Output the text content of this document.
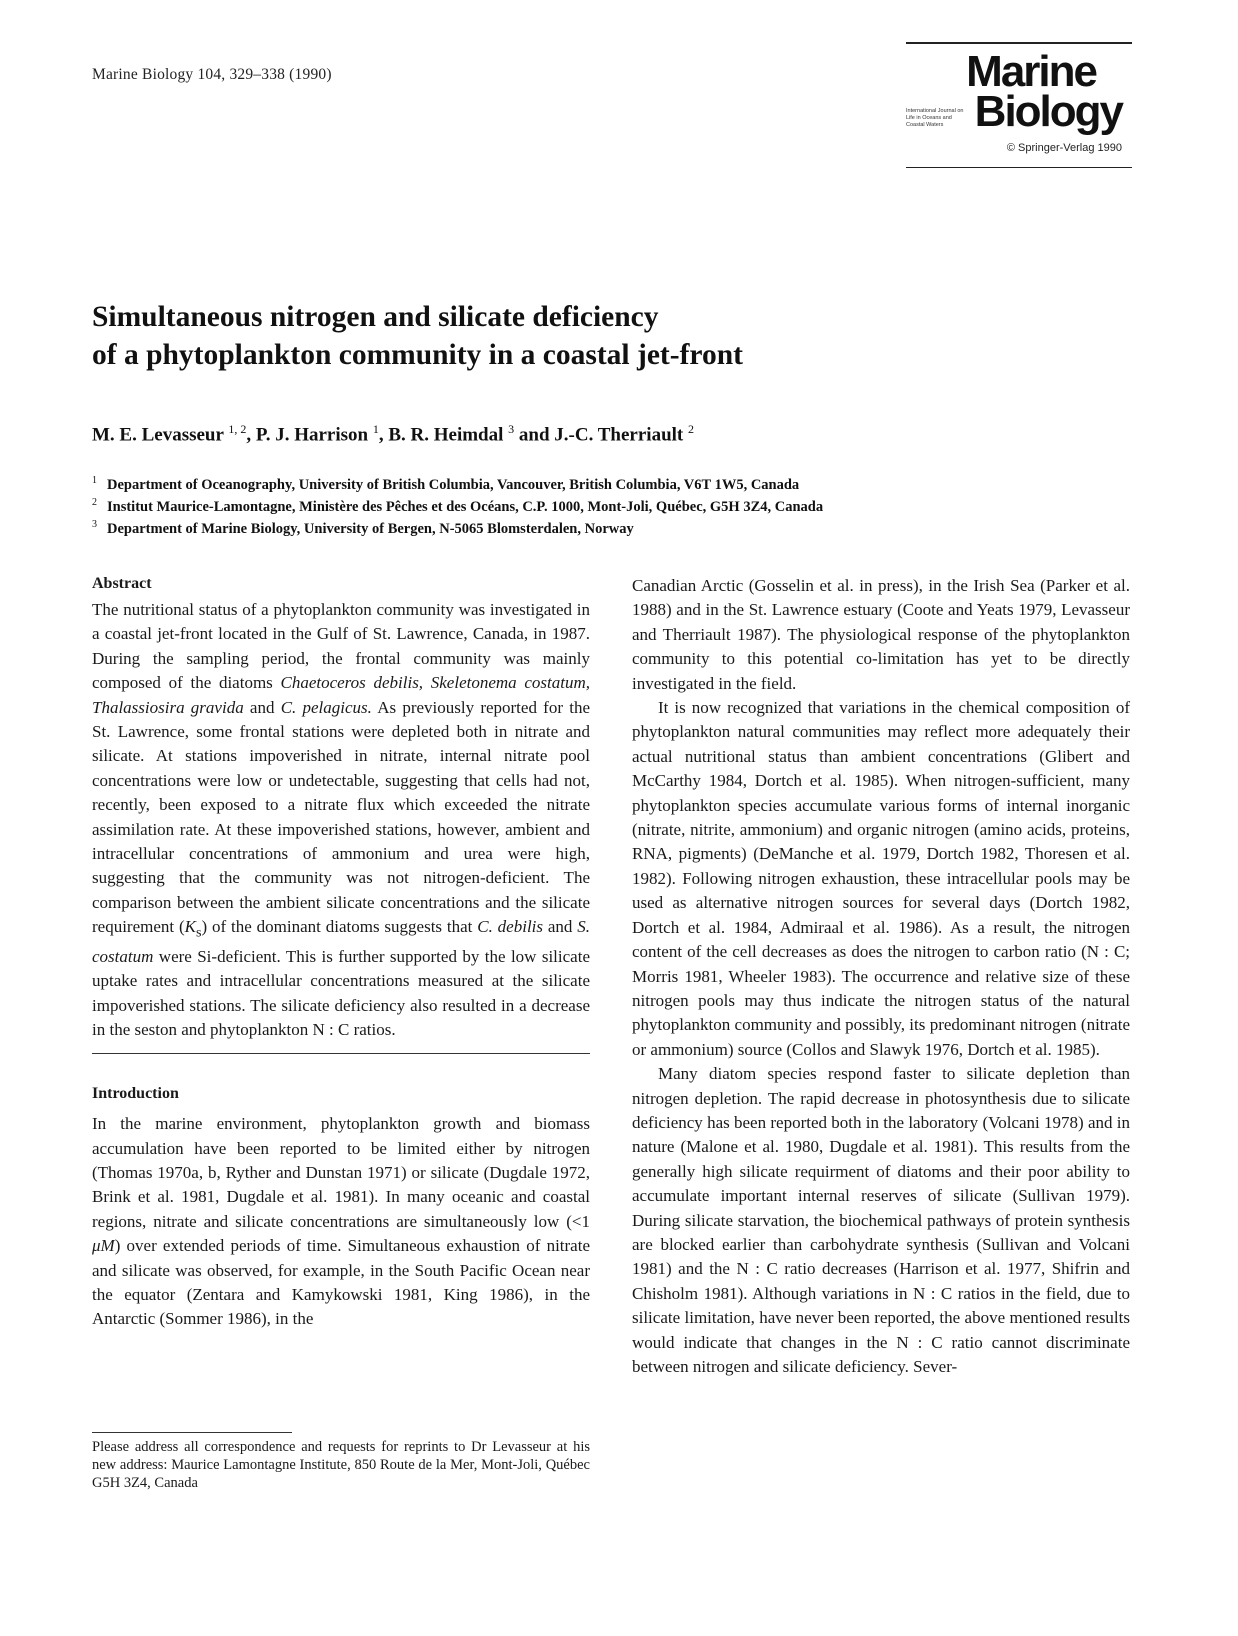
Marine Biology 104, 329–338 (1990)	Marine
International Journal on Life in Oceans and Coastal Waters Biology
© Springer-Verlag 1990
Simultaneous nitrogen and silicate deficiency
of a phytoplankton community in a coastal jet-front
M. E. Levasseur $^{1, 2}$, P. J. Harrison $^1$, B. R. Heimdal $^3$ and J.-C. Therriault $^2$
$^1$ Department of Oceanography, University of British Columbia, Vancouver, British Columbia, V6T 1W5, Canada
$^2$ Institut Maurice-Lamontagne, Ministère des Pêches et des Océans, C.P. 1000, Mont-Joli, Québec, G5H 3Z4, Canada
$^3$ Department of Marine Biology, University of Bergen, N-5065 Blomsterdalen, Norway
Abstract

The nutritional status of a phytoplankton community was investigated in a coastal jet-front located in the Gulf of St. Lawrence, Canada, in 1987. During the sampling period, the frontal community was mainly composed of the diatoms Chaetoceros debilis, Skeletonema costatum, Thalassiosira gravida and C. pelagicus. As previously reported for the St. Lawrence, some frontal stations were depleted both in nitrate and silicate. At stations impoverished in nitrate, internal nitrate pool concentrations were low or undetectable, suggesting that cells had not, recently, been exposed to a nitrate flux which exceeded the nitrate assimilation rate. At these impoverished stations, however, ambient and intracellular concentrations of ammonium and urea were high, suggesting that the community was not nitrogen-deficient. The comparison between the ambient silicate concentrations and the silicate requirement $(K_s)$ of the dominant diatoms suggests that C. debilis and S. costatum were Si-deficient. This is further supported by the low silicate uptake rates and intracellular concentrations measured at the silicate impoverished stations. The silicate deficiency also resulted in a decrease in the seston and phytoplankton N : C ratios.

Introduction

In the marine environment, phytoplankton growth and biomass accumulation have been reported to be limited either by nitrogen (Thomas 1970a, b, Ryther and Dunstan 1971) or silicate (Dugdale 1972, Brink et al. 1981, Dugdale et al. 1981). In many oceanic and coastal regions, nitrate and silicate concentrations are simultaneously low (<1 μM) over extended periods of time. Simultaneous exhaustion of nitrate and silicate was observed, for example, in the South Pacific Ocean near the equator (Zentara and Kamykowski 1981, King 1986), in the Antarctic (Sommer 1986), in the

Canadian Arctic (Gosselin et al. in press), in the Irish Sea (Parker et al. 1988) and in the St. Lawrence estuary (Coote and Yeats 1979, Levasseur and Therriault 1987). The physiological response of the phytoplankton community to this potential co-limitation has yet to be directly investigated in the field.

It is now recognized that variations in the chemical composition of phytoplankton natural communities may reflect more adequately their actual nutritional status than ambient concentrations (Glibert and McCarthy 1984, Dortch et al. 1985). When nitrogen-sufficient, many phytoplankton species accumulate various forms of internal inorganic (nitrate, nitrite, ammonium) and organic nitrogen (amino acids, proteins, RNA, pigments) (DeManche et al. 1979, Dortch 1982, Thoresen et al. 1982). Following nitrogen exhaustion, these intracellular pools may be used as alternative nitrogen sources for several days (Dortch 1982, Dortch et al. 1984, Admiraal et al. 1986). As a result, the nitrogen content of the cell decreases as does the nitrogen to carbon ratio (N : C; Morris 1981, Wheeler 1983). The occurrence and relative size of these nitrogen pools may thus indicate the nitrogen status of the natural phytoplankton community and possibly, its predominant nitrogen (nitrate or ammonium) source (Collos and Slawyk 1976, Dortch et al. 1985).

Many diatom species respond faster to silicate depletion than nitrogen depletion. The rapid decrease in photosynthesis due to silicate deficiency has been reported both in the laboratory (Volcani 1978) and in nature (Malone et al. 1980, Dugdale et al. 1981). This results from the generally high silicate requirment of diatoms and their poor ability to accumulate important internal reserves of silicate (Sullivan 1979). During silicate starvation, the biochemical pathways of protein synthesis are blocked earlier than carbohydrate synthesis (Sullivan and Volcani 1981) and the N : C ratio decreases (Harrison et al. 1977, Shifrin and Chisholm 1981). Although variations in N : C ratios in the field, due to silicate limitation, have never been reported, the above mentioned results would indicate that changes in the N : C ratio cannot discriminate between nitrogen and silicate deficiency. Sever-

Please address all correspondence and requests for reprints to Dr Levasseur at his new address: Maurice Lamontagne Institute, 850 Route de la Mer, Mont-Joli, Québec G5H 3Z4, Canada
